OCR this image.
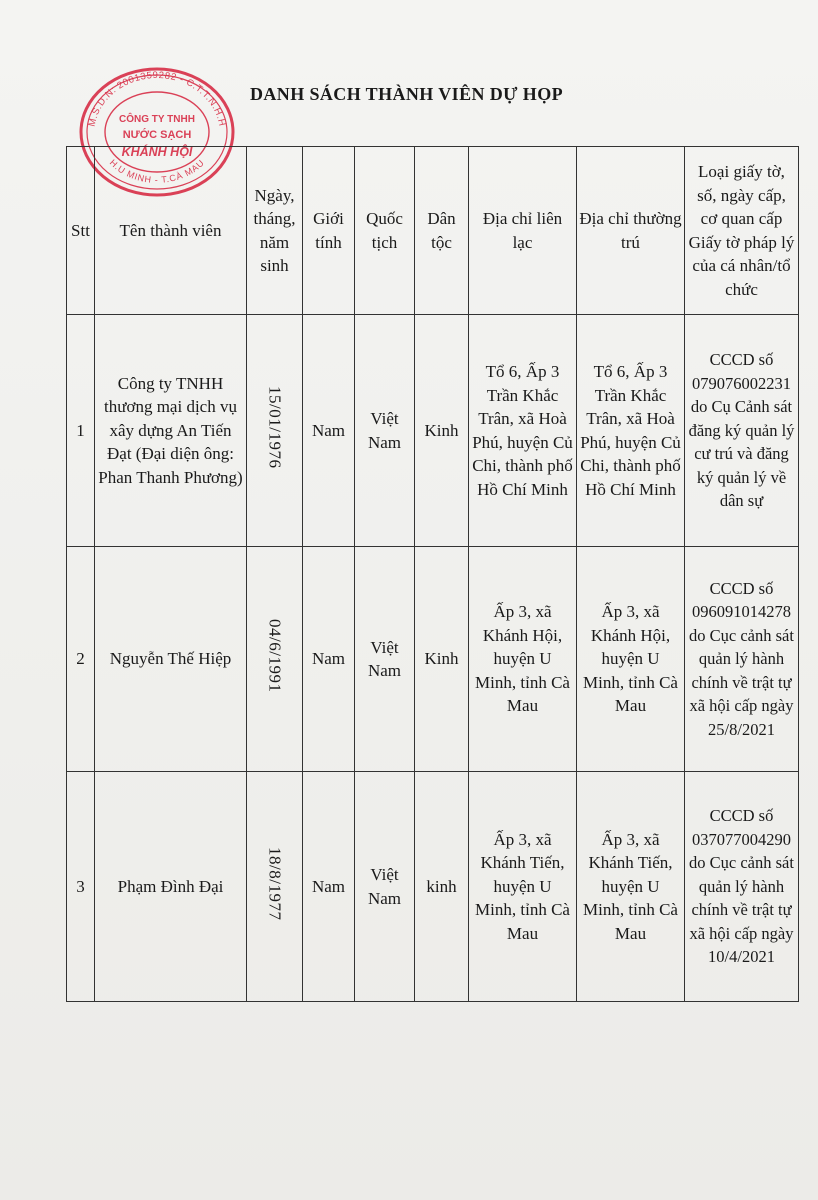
M.S.D.N: 2001359282 - C.T.T.N.H.H
H.U MINH - T.CÀ MAU
CÔNG TY TNHH
NƯỚC SẠCH
KHÁNH HỘI
DANH SÁCH THÀNH VIÊN DỰ HỌP
Stt	Tên thành viên	Ngày, tháng, năm sinh	Giới tính	Quốc tịch	Dân tộc	Địa chỉ liên lạc	Địa chỉ thường trú	Loại giấy tờ, số, ngày cấp, cơ quan cấp Giấy tờ pháp lý của cá nhân/tổ chức
1	Công ty TNHH thương mại dịch vụ xây dựng An Tiến Đạt (Đại diện ông: Phan Thanh Phương)	15/01/1976	Nam	Việt Nam	Kinh	Tổ 6, Ấp 3 Trần Khắc Trân, xã Hoà Phú, huyện Củ Chi, thành phố Hồ Chí Minh	Tổ 6, Ấp 3 Trần Khắc Trân, xã Hoà Phú, huyện Củ Chi, thành phố Hồ Chí Minh	CCCD số 079076002231 do Cụ Cảnh sát đăng ký quản lý cư trú và đăng ký quản lý về dân sự
2	Nguyễn Thế Hiệp	04/6/1991	Nam	Việt Nam	Kinh	Ấp 3, xã Khánh Hội, huyện U Minh, tỉnh Cà Mau	Ấp 3, xã Khánh Hội, huyện U Minh, tỉnh Cà Mau	CCCD số 096091014278 do Cục cảnh sát quản lý hành chính về trật tự xã hội cấp ngày 25/8/2021
3	Phạm Đình Đại	18/8/1977	Nam	Việt Nam	kinh	Ấp 3, xã Khánh Tiến, huyện U Minh, tỉnh Cà Mau	Ấp 3, xã Khánh Tiến, huyện U Minh, tỉnh Cà Mau	CCCD số 037077004290 do Cục cảnh sát quản lý hành chính về trật tự xã hội cấp ngày 10/4/2021
